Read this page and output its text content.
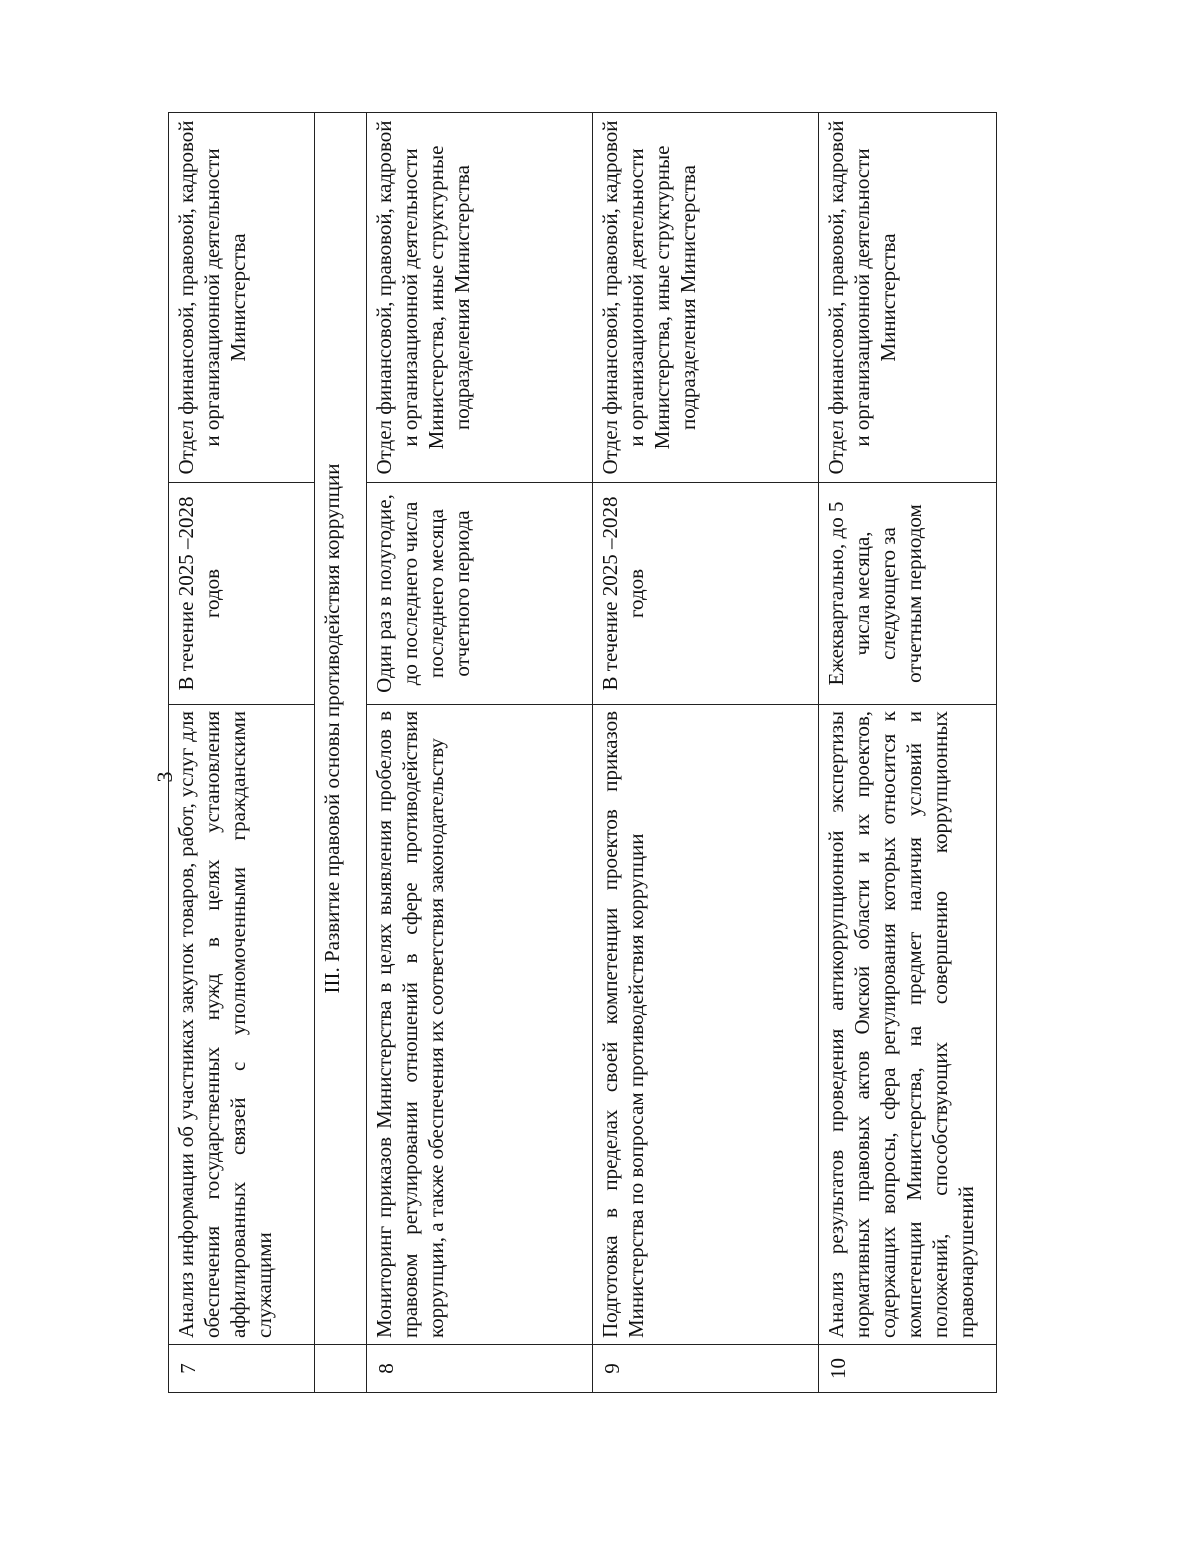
3
7	Анализ информации об участниках закупок товаров, работ, услуг для обеспечения государственных нужд в целях установления аффилированных связей с уполномоченными гражданскими служащими	В течение 2025 –2028 годов	Отдел финансовой, правовой, кадровой и организационной деятельности Министерства
	III. Развитие правовой основы противодействия коррупции		
8	Мониторинг приказов Министерства в целях выявления пробелов в правовом регулировании отношений в сфере противодействия коррупции, а также обеспечения их соответствия законодательству	Один раз в полугодие, до последнего числа последнего месяца отчетного периода	Отдел финансовой, правовой, кадровой и организационной деятельности Министерства, иные структурные подразделения Министерства
9	Подготовка в пределах своей компетенции проектов приказов Министерства по вопросам противодействия коррупции	В течение 2025 –2028 годов	Отдел финансовой, правовой, кадровой и организационной деятельности Министерства, иные структурные подразделения Министерства
10	Анализ результатов проведения антикоррупционной экспертизы нормативных правовых актов Омской области и их проектов, содержащих вопросы, сфера регулирования которых относится к компетенции Министерства, на предмет наличия условий и положений, способствующих совершению коррупционных правонарушений	Ежеквартально, до 5 числа месяца, следующего за отчетным периодом	Отдел финансовой, правовой, кадровой и организационной деятельности Министерства
